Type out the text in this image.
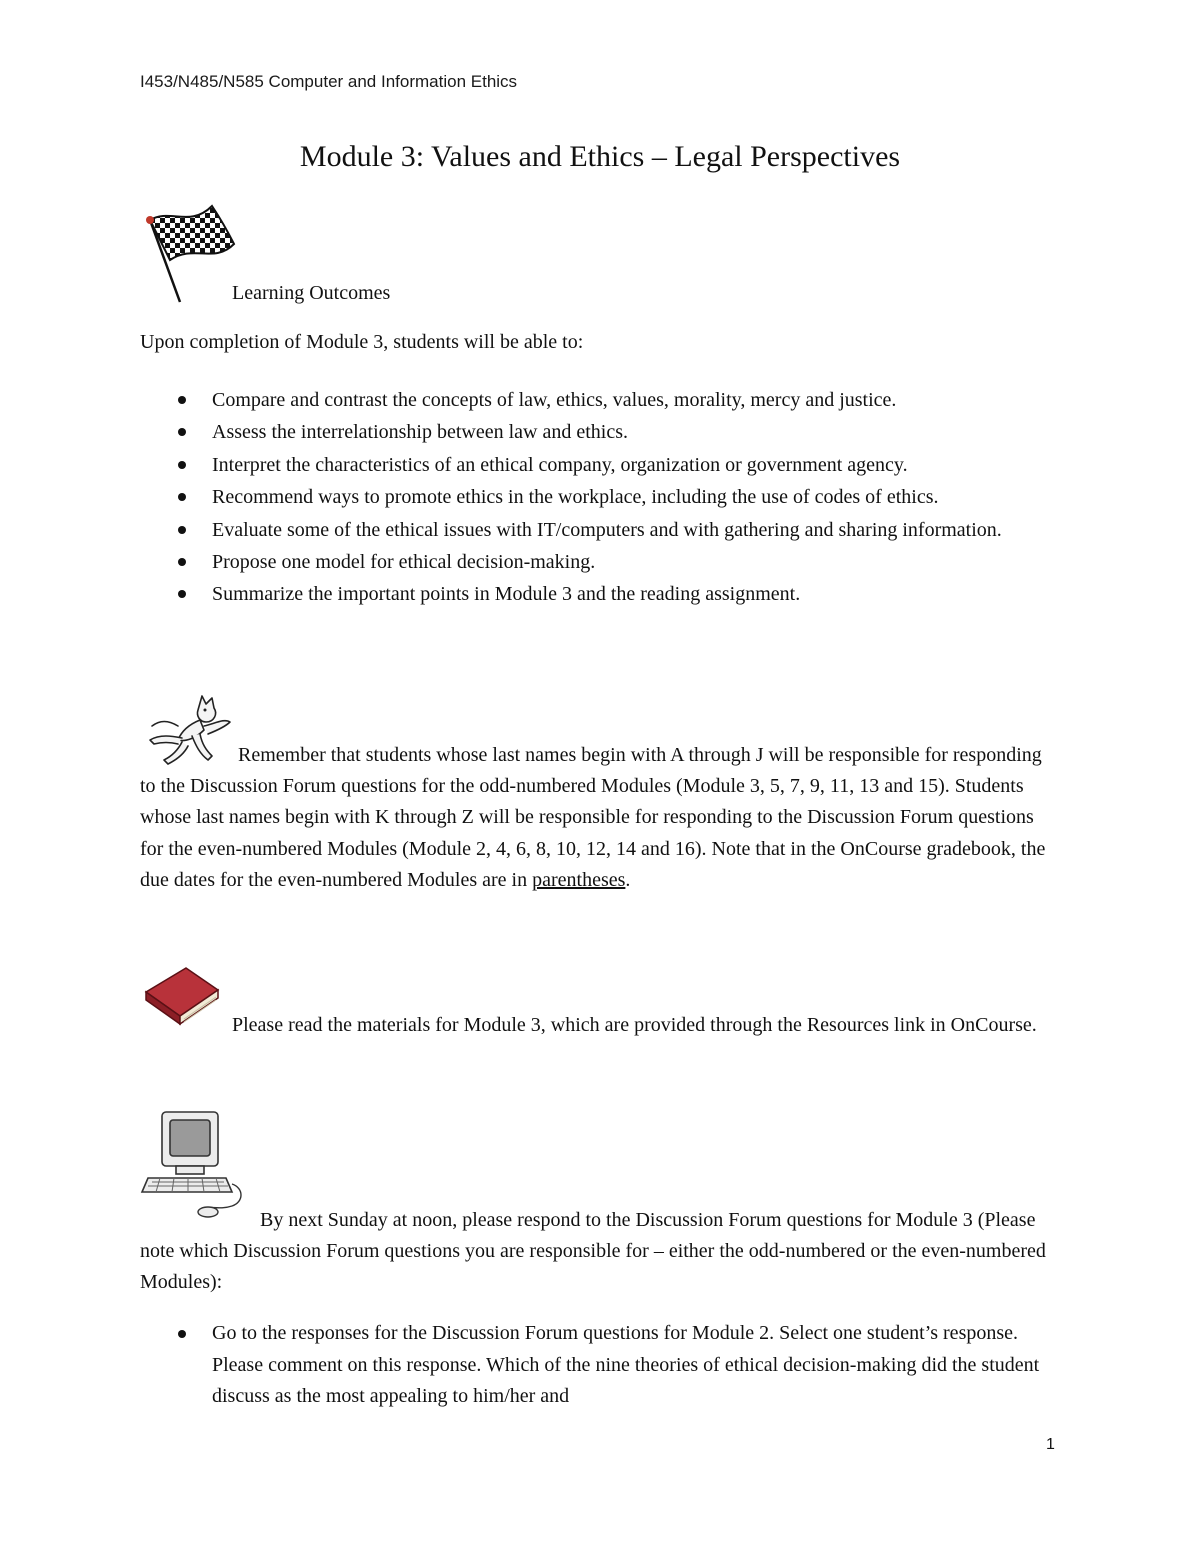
I453/N485/N585 Computer and Information Ethics
Module 3: Values and Ethics – Legal Perspectives
Learning Outcomes
Upon completion of Module 3, students will be able to:
Compare and contrast the concepts of law, ethics, values, morality, mercy and justice.
Assess the interrelationship between law and ethics.
Interpret the characteristics of an ethical company, organization or government agency.
Recommend ways to promote ethics in the workplace, including the use of codes of ethics.
Evaluate some of the ethical issues with IT/computers and with gathering and sharing information.
Propose one model for ethical decision-making.
Summarize the important points in Module 3 and the reading assignment.
Remember that students whose last names begin with A through J will be responsible for responding to the Discussion Forum questions for the odd-numbered Modules (Module 3, 5, 7, 9, 11, 13 and 15). Students whose last names begin with K through Z will be responsible for responding to the Discussion Forum questions for the even-numbered Modules (Module 2, 4, 6, 8, 10, 12, 14 and 16). Note that in the OnCourse gradebook, the due dates for the even-numbered Modules are in parentheses.
Please read the materials for Module 3, which are provided through the Resources link in OnCourse.
By next Sunday at noon, please respond to the Discussion Forum questions for Module 3 (Please note which Discussion Forum questions you are responsible for – either the odd-numbered or the even-numbered Modules):
Go to the responses for the Discussion Forum questions for Module 2. Select one student’s response. Please comment on this response. Which of the nine theories of ethical decision-making did the student discuss as the most appealing to him/her and
1
